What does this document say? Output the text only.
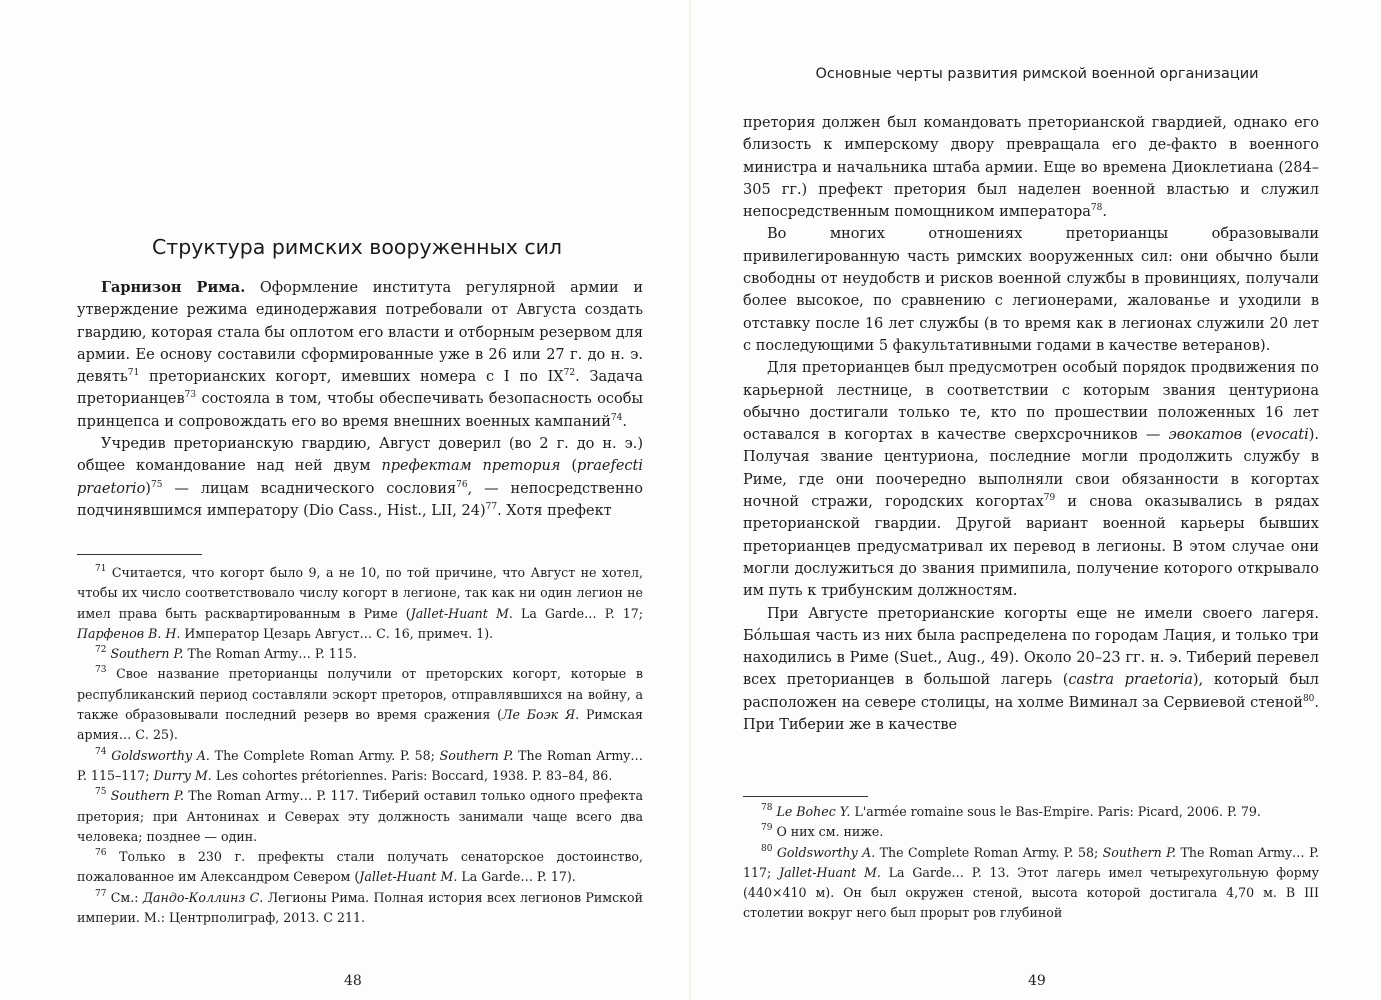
Структура римских вооруженных сил

Гарнизон Рима. Оформление института регулярной армии и утверждение режима единодержавия потребовали от Августа создать гвардию, которая стала бы оплотом его власти и отборным резервом для армии. Ее основу составили сформированные уже в 26 или 27 г. до н. э. девять$^{71}$ преторианских когорт, имевших номера с I по IX$^{72}$. Задача преторианцев$^{73}$ состояла в том, чтобы обеспечивать безопасность особы принцепса и сопровождать его во время внешних военных кампаний$^{74}$.

Учредив преторианскую гвардию, Август доверил (во 2 г. до н. э.) общее командование над ней двум префектам претория (praefecti praetorio)$^{75}$ — лицам всаднического сословия$^{76}$, — непосредственно подчинявшимся императору (Dio Cass., Hist., LII, 24)$^{77}$. Хотя префект

$^{71}$ Считается, что когорт было 9, а не 10, по той причине, что Август не хотел, чтобы их число соответствовало числу когорт в легионе, так как ни один легион не имел права быть расквартированным в Риме (Jallet-Huant M. La Garde… P. 17; Парфенов В. Н. Император Цезарь Август… С. 16, примеч. 1).

$^{72}$ Southern P. The Roman Army… P. 115.

$^{73}$ Свое название преторианцы получили от преторских когорт, которые в республиканский период составляли эскорт преторов, отправлявшихся на войну, а также образовывали последний резерв во время сражения (Ле Боэк Я. Римская армия… С. 25).

$^{74}$ Goldsworthy A. The Complete Roman Army. P. 58; Southern P. The Roman Army… P. 115–117; Durry M. Les cohortes prétoriennes. Paris: Boccard, 1938. P. 83–84, 86.

$^{75}$ Southern P. The Roman Army… P. 117. Тиберий оставил только одного префекта претория; при Антонинах и Северах эту должность занимали чаще всего два человека; позднее — один.

$^{76}$ Только в 230 г. префекты стали получать сенаторское достоинство, пожалованное им Александром Севером (Jallet-Huant M. La Garde… P. 17).

$^{77}$ См.: Дандо-Коллинз С. Легионы Рима. Полная история всех легионов Римской империи. М.: Центрполиграф, 2013. С 211.

48
Основные черты развития римской военной организации

претория должен был командовать преторианской гвардией, однако его близость к имперскому двору превращала его де-факто в военного министра и начальника штаба армии. Еще во времена Диоклетиана (284–305 гг.) префект претория был наделен военной властью и служил непосредственным помощником императора$^{78}$.

Во многих отношениях преторианцы образовывали привилегированную часть римских вооруженных сил: они обычно были свободны от неудобств и рисков военной службы в провинциях, получали более высокое, по сравнению с легионерами, жалованье и уходили в отставку после 16 лет службы (в то время как в легионах служили 20 лет с последующими 5 факультативными годами в качестве ветеранов).

Для преторианцев был предусмотрен особый порядок продвижения по карьерной лестнице, в соответствии с которым звания центуриона обычно достигали только те, кто по прошествии положенных 16 лет оставался в когортах в качестве сверхсрочников — эвокатов (evocati). Получая звание центуриона, последние могли продолжить службу в Риме, где они поочередно выполняли свои обязанности в когортах ночной стражи, городских когортах$^{79}$ и снова оказывались в рядах преторианской гвардии. Другой вариант военной карьеры бывших преторианцев предусматривал их перевод в легионы. В этом случае они могли дослужиться до звания примипила, получение которого открывало им путь к трибунским должностям.

При Августе преторианские когорты еще не имели своего лагеря. Бóльшая часть из них была распределена по городам Лация, и только три находились в Риме (Suet., Aug., 49). Около 20–23 гг. н. э. Тиберий перевел всех преторианцев в большой лагерь (castra praetoria), который был расположен на севере столицы, на холме Виминал за Сервиевой стеной$^{80}$. При Тиберии же в качестве

$^{78}$ Le Bohec Y. L'armée romaine sous le Bas-Empire. Paris: Picard, 2006. P. 79.

$^{79}$ О них см. ниже.

$^{80}$ Goldsworthy A. The Complete Roman Army. P. 58; Southern P. The Roman Army… P. 117; Jallet-Huant M. La Garde… P. 13. Этот лагерь имел четырехугольную форму (440×410 м). Он был окружен стеной, высота которой достигала 4,70 м. В III столетии вокруг него был прорыт ров глубиной

49
